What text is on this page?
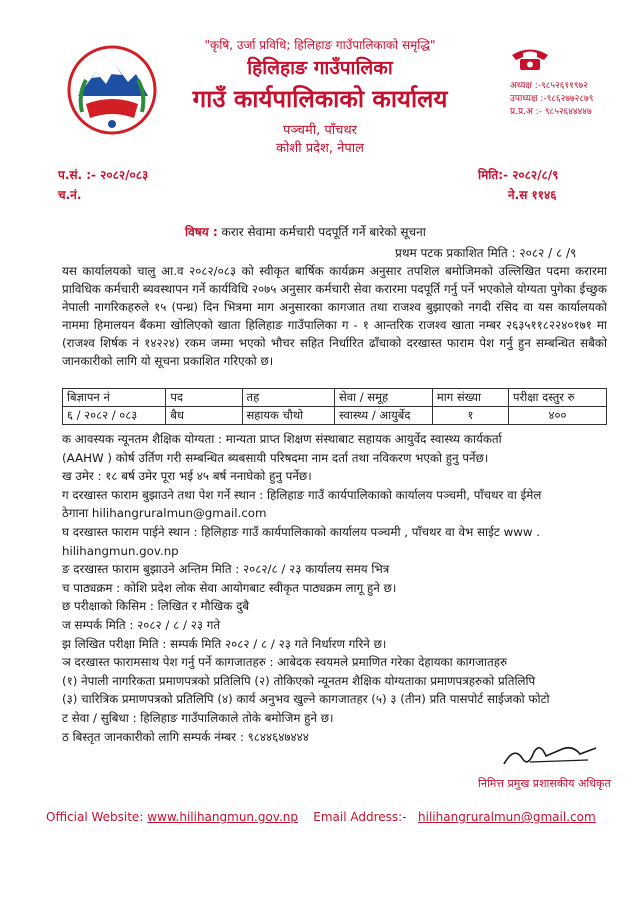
"कृषि, उर्जा प्रविधि; हिलिहाङ गाउँपालिकाको समृद्धि"
हिलिहाङ गाउँपालिका
गाउँ कार्यपालिकाको कार्यालय
पञ्चमी, पाँचथर
कोशी प्रदेश, नेपाल
अध्यक्ष :-९८५२६११९७२
उपाध्यक्ष :-९८६२७७२८७९
प्र.प्र.अ :- ९८५२६४४४४७
प.सं. :- २०८२/०८३
च.नं.
मिति:- २०८२/८/९
ने.स ११४६
विषय : करार सेवामा कर्मचारी पदपूर्ति गर्ने बारेको सूचना
प्रथम पटक प्रकाशित मिति : २०८२ / ८ /९
यस कार्यालयको चालु आ.व २०८२/०८३ को स्वीकृत बार्षिक कार्यक्रम अनुसार तपशिल बमोजिमको उल्लिखित पदमा करारमा प्राविधिक कर्मचारी ब्यवस्थापन गर्ने कार्यविधि २०७५ अनुसार कर्मचारी सेवा करारमा पदपूर्ति गर्नु पर्ने भएकोले योग्यता पुगेका ईच्छुक नेपाली नागरिकहरुले १५ (पन्ध्र) दिन भित्रमा माग अनुसारका कागजात तथा राजश्व बुझाएको नगदी रसिद वा यस कार्यालयको नाममा हिमालयन बैंकमा खोलिएको खाता हिलिहाङ गाउँपालिका ग - १ आन्तरिक राजश्व खाता नम्बर २६३५११८२२४०१७१ मा (राजश्व शिर्षक नं १४२२४) रकम जम्मा भएको भौचर सहित निर्धारित ढाँचाको दरखास्त फाराम पेश गर्नु हुन सम्बन्धित सबैको जानकारीको लागि यो सूचना प्रकाशित गरिएको छ।
बिज्ञापन नं	पद	तह	सेवा / समूह	माग संख्या	परीक्षा दस्तुर रु
६ / २०८२ / ०८३	बैध	सहायक चौथो	स्वास्थ्य / आयुर्बेद	१	४००
क आवस्यक न्यूनतम शैक्षिक योग्यता : मान्यता प्राप्त शिक्षण संस्थाबाट सहायक आयुर्वेद स्वास्थ्य कार्यकर्ता
(AAHW ) कोर्ष उर्तिण गरी सम्बन्धित ब्यबसायी परिषदमा नाम दर्ता तथा नविकरण भएको हुनु पर्नेछ।
ख उमेर : १८ बर्ष उमेर पूरा भई ४५ बर्ष ननाघेको हुनु पर्नेछ।
ग दरखास्त फाराम बुझाउने तथा पेश गर्ने स्थान : हिलिहाङ गाउँ कार्यपालिकाको कार्यालय पञ्चमी, पाँचथर वा ईमेल
ठेगाना hilihangruralmun@gmail.com
घ दरखास्त फाराम पाईने स्थान : हिलिहाङ गाउँ कार्यपालिकाको कार्यालय पञ्चमी , पाँचथर वा वेभ साईट www .
hilihangmun.gov.np
ङ दरखास्त फाराम बुझाउने अन्तिम मिति : २०८२/८ / २३ कार्यालय समय भित्र
च पाठ्यक्रम : कोशि प्रदेश लोक सेवा आयोगबाट स्वीकृत पाठ्यक्रम लागू हुने छ।
छ परीक्षाको किसिम : लिखित र मौखिक दुबै
ज सम्पर्क मिति : २०८२ / ८ / २३ गते
झ लिखित परीक्षा मिति : सम्पर्क मिति २०८२ / ८ / २३ गते निर्धारण गरिने छ।
ञ दरखास्त फारामसाथ पेश गर्नु पर्ने कागजातहरु : आबेदक स्वयमले प्रमाणित गरेका देहायका कागजातहरु
(१) नेपाली नागरिकता प्रमाणपत्रको प्रतिलिपि (२) तोकिएको न्यूनतम शैक्षिक योग्यताका प्रमाणपत्रहरुको प्रतिलिपि
(३) चारित्रिक प्रमाणपत्रको प्रतिलिपि (४) कार्य अनुभव खुल्ने कागजातहर (५) ३ (तीन) प्रति पासपोर्ट साईजको फोटो
ट सेवा / सुबिधा : हिलिहाङ गाउँपालिकाले तोके बमोजिम हुने छ।
ठ बिस्तृत जानकारीको लागि सम्पर्क नंम्बर : ९८४४६४७४४४
निमित्त प्रमुख प्रशासकीय अधिकृत
Official Website: www.hilihangmun.gov.np Email Address:- hilihangruralmun@gmail.com
